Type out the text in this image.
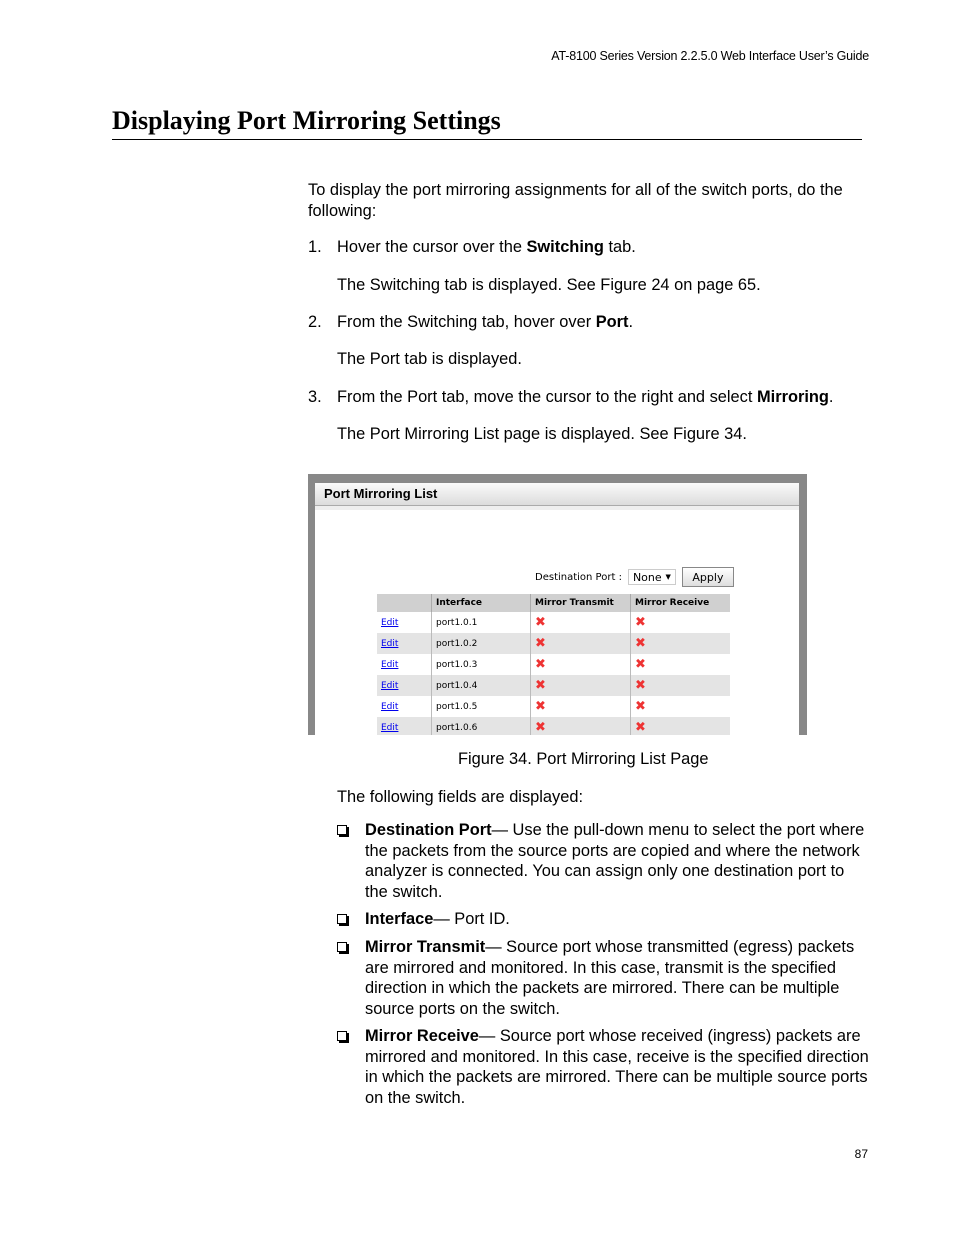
AT-8100 Series Version 2.2.5.0 Web Interface User’s Guide
Displaying Port Mirroring Settings
To display the port mirroring assignments for all of the switch ports, do the following:
1. Hover the cursor over the Switching tab.
The Switching tab is displayed. See Figure 24 on page 65.
2. From the Switching tab, hover over Port.
The Port tab is displayed.
3. From the Port tab, move the cursor to the right and select Mirroring.
The Port Mirroring List page is displayed. See Figure 34.
Port Mirroring List
Destination Port : None ▼	Apply
	Interface	Mirror Transmit	Mirror Receive
Edit	port1.0.1	✖	✖
Edit	port1.0.2	✖	✖
Edit	port1.0.3	✖	✖
Edit	port1.0.4	✖	✖
Edit	port1.0.5	✖	✖
Edit	port1.0.6	✖	✖
Figure 34. Port Mirroring List Page
The following fields are displayed:
Destination Port— Use the pull-down menu to select the port where the packets from the source ports are copied and where the network analyzer is connected. You can assign only one destination port to the switch.
Interface— Port ID.
Mirror Transmit— Source port whose transmitted (egress) packets are mirrored and monitored. In this case, transmit is the specified direction in which the packets are mirrored. There can be multiple source ports on the switch.
Mirror Receive— Source port whose received (ingress) packets are mirrored and monitored. In this case, receive is the specified direction in which the packets are mirrored. There can be multiple source ports on the switch.
87
